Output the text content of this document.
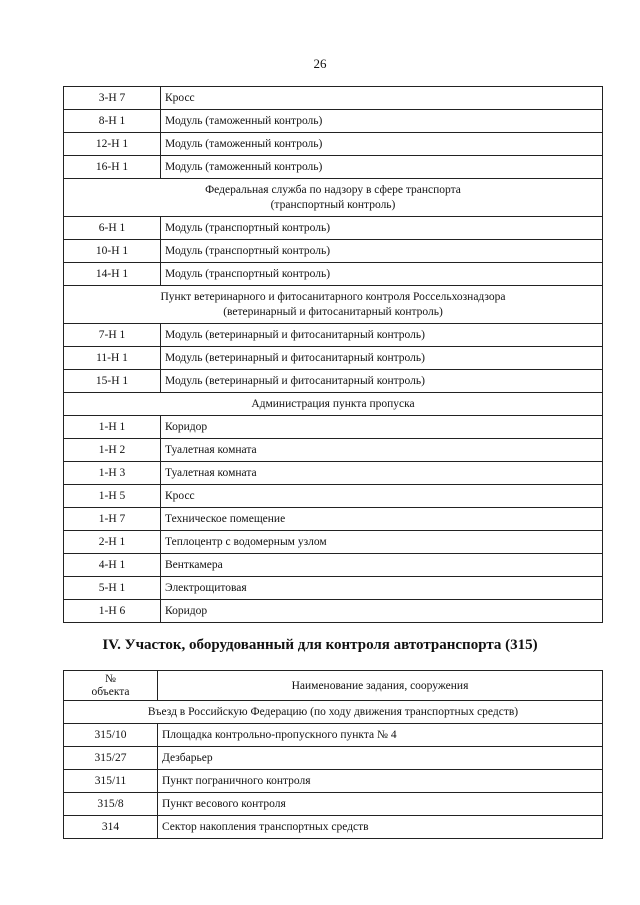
26
3-Н 7	Кросс
8-Н 1	Модуль (таможенный контроль)
12-Н 1	Модуль (таможенный контроль)
16-Н 1	Модуль (таможенный контроль)

Федеральная служба по надзору в сфере транспорта
(транспортный контроль)	

6-Н 1	Модуль (транспортный контроль)
10-Н 1	Модуль (транспортный контроль)
14-Н 1	Модуль (транспортный контроль)

Пункт ветеринарного и фитосанитарного контроля Россельхознадзора
(ветеринарный и фитосанитарный контроль)	

7-Н 1	Модуль (ветеринарный и фитосанитарный контроль)
11-Н 1	Модуль (ветеринарный и фитосанитарный контроль)
15-Н 1	Модуль (ветеринарный и фитосанитарный контроль)

Администрация пункта пропуска	

1-Н 1	Коридор
1-Н 2	Туалетная комната
1-Н 3	Туалетная комната
1-Н 5	Кросс
1-Н 7	Техническое помещение
2-Н 1	Теплоцентр с водомерным узлом
4-Н 1	Венткамера
5-Н 1	Электрощитовая
1-Н 6	Коридор
IV. Участок, оборудованный для контроля автотранспорта (315)
№
объекта	Наименование задания, сооружения

Въезд в Российскую Федерацию (по ходу движения транспортных средств)	

315/10	Площадка контрольно-пропускного пункта № 4
315/27	Дезбарьер
315/11	Пункт пограничного контроля
315/8	Пункт весового контроля
314	Сектор накопления транспортных средств
